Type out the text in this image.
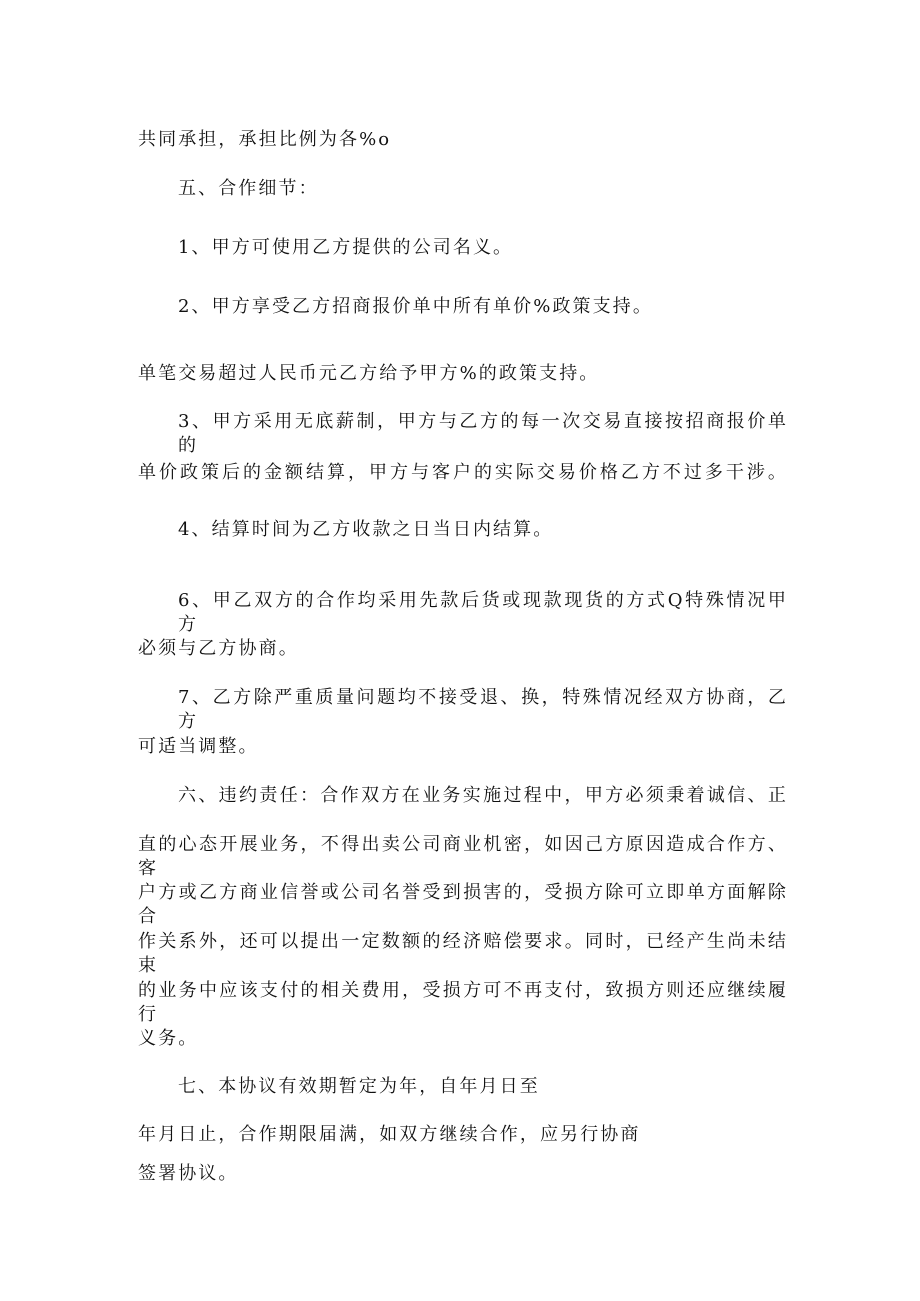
共同承担，承担比例为各%o
五、合作细节：
1、甲方可使用乙方提供的公司名义。
2、甲方享受乙方招商报价单中所有单价%政策支持。
单笔交易超过人民币元乙方给予甲方%的政策支持。
3、甲方采用无底薪制，甲方与乙方的每一次交易直接按招商报价单的
单价政策后的金额结算，甲方与客户的实际交易价格乙方不过多干涉。
4、结算时间为乙方收款之日当日内结算。
6、甲乙双方的合作均采用先款后货或现款现货的方式Q特殊情况甲方
必须与乙方协商。
7、乙方除严重质量问题均不接受退、换，特殊情况经双方协商，乙方
可适当调整。
六、违约责任：合作双方在业务实施过程中，甲方必须秉着诚信、正
直的心态开展业务，不得出卖公司商业机密，如因己方原因造成合作方、客
户方或乙方商业信誉或公司名誉受到损害的，受损方除可立即单方面解除合
作关系外，还可以提出一定数额的经济赔偿要求。同时，已经产生尚未结束
的业务中应该支付的相关费用，受损方可不再支付，致损方则还应继续履行
义务。
七、本协议有效期暂定为年，自年月日至
年月日止，合作期限届满，如双方继续合作，应另行协商
签署协议。
